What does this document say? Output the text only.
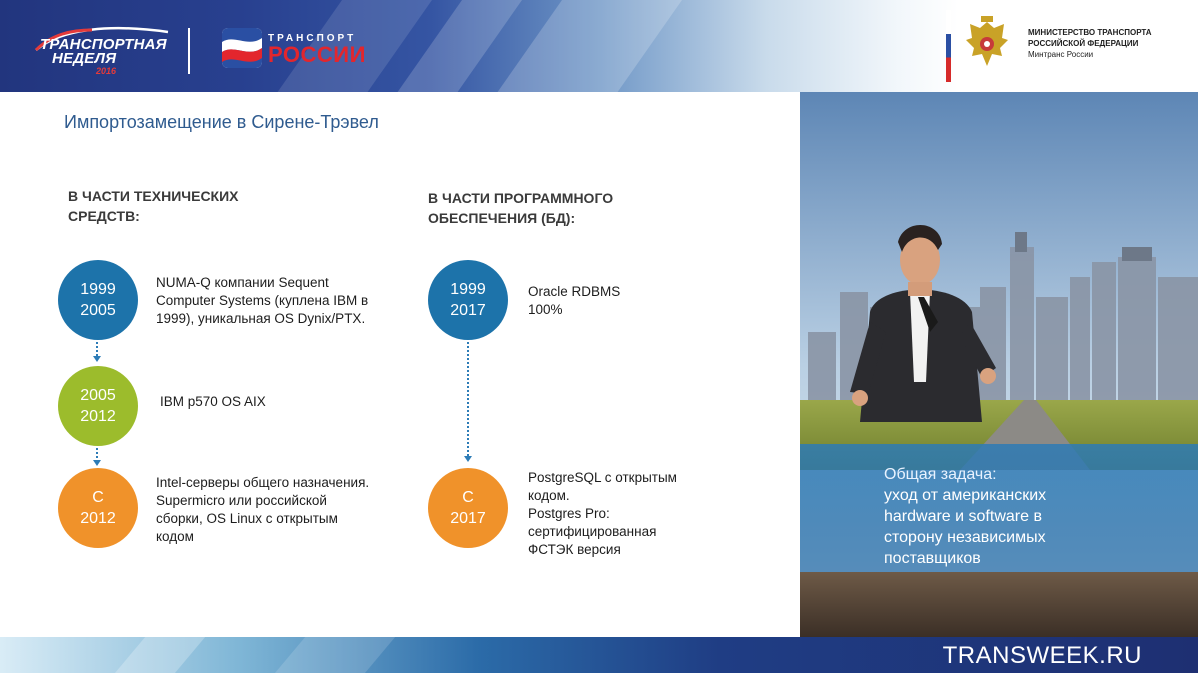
ТРАНСПОРТНАЯ
НЕДЕЛЯ
2016
ТРАНСПОРТ
РОССИИ
МИНИСТЕРСТВО ТРАНСПОРТА
РОССИЙСКОЙ ФЕДЕРАЦИИ
Минтранс России
Импортозамещение в Сирене-Трэвел
В ЧАСТИ ТЕХНИЧЕСКИХ
СРЕДСТВ:
1999
2005
NUMA-Q компании Sequent
Computer Systems (куплена IBM в
1999), уникальная OS Dynix/PTX.
2005
2012
IBM p570 OS AIX
С
2012
Intel-серверы общего назначения.
Supermicro или российской
сборки, OS Linux с открытым
кодом
В ЧАСТИ ПРОГРАММНОГО
ОБЕСПЕЧЕНИЯ (БД):
1999
2017
Oracle RDBMS
100%
С
2017
PostgreSQL с открытым
кодом.
Postgres Pro:
сертифицированная
ФСТЭК версия
Общая задача:
уход от американских
hardware и software в
сторону независимых
поставщиков
TRANSWEEK.RU
